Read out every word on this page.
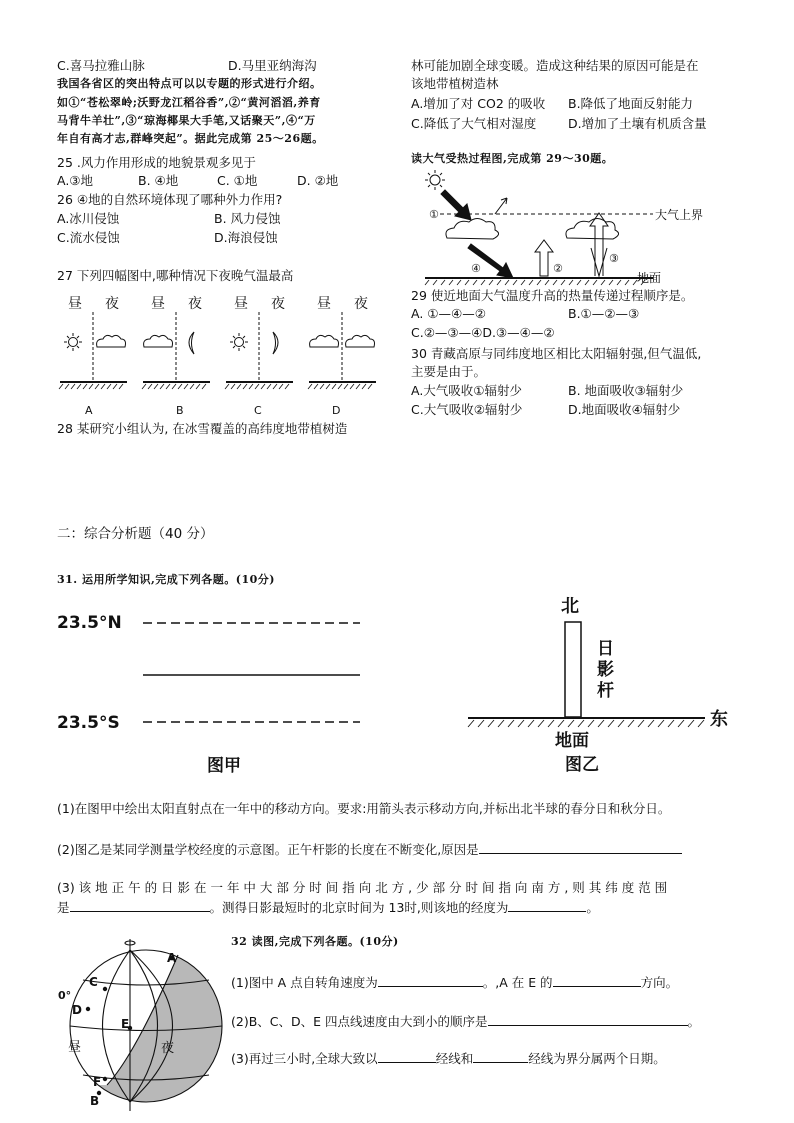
C.喜马拉雅山脉	D.马里亚纳海沟
我国各省区的突出特点可以以专题的形式进行介绍。
如①“苍松翠岭;沃野龙江稻谷香”,②“黄河滔滔,养育
马背牛羊壮”,③“琼海椰果大手笔,又话聚天”,④“万
年自有高才志,群峰突起”。据此完成第 25～26题。
25 .风力作用形成的地貌景观多见于
A.③地	B. ④地	C. ①地	D. ②地
26 ④地的自然环境体现了哪种外力作用?
A.冰川侵蚀	B. 风力侵蚀
C.流水侵蚀	D.海浪侵蚀
27 下列四幅图中,哪种情况下夜晚气温最高
昼 夜 昼 夜 昼 夜 昼 夜
A	B	C	D
28 某研究小组认为, 在冰雪覆盖的高纬度地带植树造
林可能加剧全球变暖。造成这种结果的原因可能是在
该地带植树造林
A.增加了对 CO2 的吸收 B.降低了地面反射能力
C.降低了大气相对湿度	D.增加了土壤有机质含量
读大气受热过程图,完成第 29～30题。
①
②
③
④
大气上界
地面
29 使近地面大气温度升高的热量传递过程顺序是。
A. ①—④—②	B.①—②—③
C.②—③—④D.③—④—②
30 青藏高原与同纬度地区相比太阳辐射强,但气温低,
主要是由于。
A.大气吸收①辐射少	B. 地面吸收③辐射少
C.大气吸收②辐射少	D.地面吸收④辐射少
二：综合分析题（40 分）
31. 运用所学知识,完成下列各题。(10分)
23.5°N
23.5°S
图甲
北
日
影
杆
东
地面
图乙
(1)在图甲中绘出太阳直射点在一年中的移动方向。要求:用箭头表示移动方向,并标出北半球的春分日和秋分日。
(2)图乙是某同学测量学校经度的示意图。正午杆影的长度在不断变化,原因是
(3) 该 地 正 午 的 日 影 在 一 年 中 大 部 分 时 间 指 向 北 方 , 少 部 分 时 间 指 向 南 方 , 则 其 纬 度 范 围
是	。测得日影最短时的北京时间为 13时,则该地的经度为	。
32 读图,完成下列各题。(10分)
A
B
C
D
E
F
0°
昼	夜
(1)图中 A 点自转角速度为	。,A 在 E 的	方向。
(2)B、C、D、E 四点线速度由大到小的顺序是	。
(3)再过三小时,全球大致以	经线和	经线为界分属两个日期。
